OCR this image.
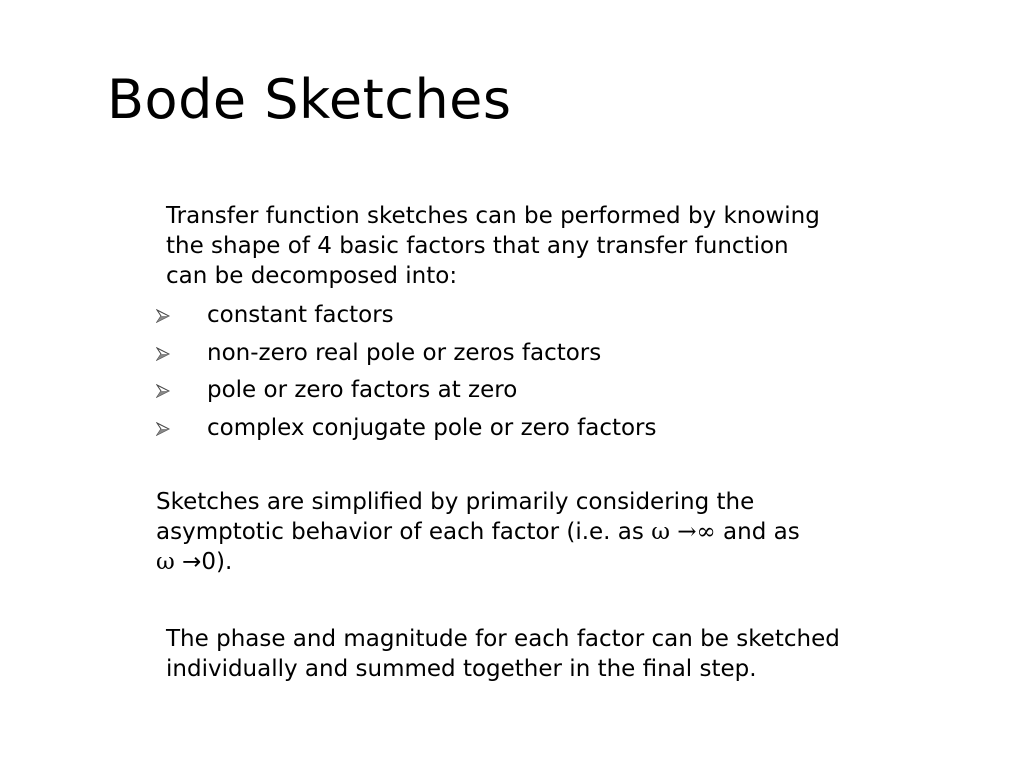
Bode Sketches
Transfer function sketches can be performed by knowing
the shape of 4 basic factors that any transfer function
can be decomposed into:
constant factors
non-zero real pole or zeros factors
pole or zero factors at zero
complex conjugate pole or zero factors
Sketches are simplified by primarily considering the
asymptotic behavior of each factor (i.e. as ω →∞ and as
ω →0).
The phase and magnitude for each factor can be sketched
individually and summed together in the final step.
